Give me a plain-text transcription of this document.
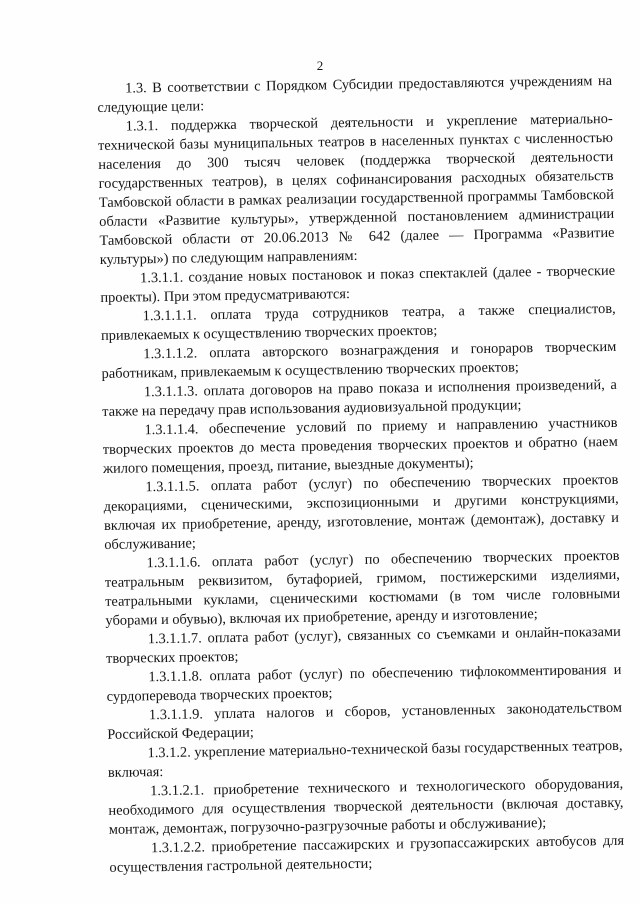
2

1.3. В соответствии с Порядком Субсидии предоставляются учреждениям на следующие цели:

1.3.1. поддержка творческой деятельности и укрепление материально-технической базы муниципальных театров в населенных пунктах с численностью населения до 300 тысяч человек (поддержка творческой деятельности государственных театров), в целях софинансирования расходных обязательств Тамбовской области в рамках реализации государственной программы Тамбовской области «Развитие культуры», утвержденной постановлением администрации Тамбовской области от 20.06.2013 № 642 (далее — Программа «Развитие культуры») по следующим направлениям:

1.3.1.1. создание новых постановок и показ спектаклей (далее - творческие проекты). При этом предусматриваются:

1.3.1.1.1. оплата труда сотрудников театра, а также специалистов, привлекаемых к осуществлению творческих проектов;

1.3.1.1.2. оплата авторского вознаграждения и гонораров творческим работникам, привлекаемым к осуществлению творческих проектов;

1.3.1.1.3. оплата договоров на право показа и исполнения произведений, а также на передачу прав использования аудиовизуальной продукции;

1.3.1.1.4. обеспечение условий по приему и направлению участников творческих проектов до места проведения творческих проектов и обратно (наем жилого помещения, проезд, питание, выездные документы);

1.3.1.1.5. оплата работ (услуг) по обеспечению творческих проектов декорациями, сценическими, экспозиционными и другими конструкциями, включая их приобретение, аренду, изготовление, монтаж (демонтаж), доставку и обслуживание;

1.3.1.1.6. оплата работ (услуг) по обеспечению творческих проектов театральным реквизитом, бутафорией, гримом, постижерскими изделиями, театральными куклами, сценическими костюмами (в том числе головными уборами и обувью), включая их приобретение, аренду и изготовление;

1.3.1.1.7. оплата работ (услуг), связанных со съемками и онлайн-показами творческих проектов;

1.3.1.1.8. оплата работ (услуг) по обеспечению тифлокомментирования и сурдоперевода творческих проектов;

1.3.1.1.9. уплата налогов и сборов, установленных законодательством Российской Федерации;

1.3.1.2. укрепление материально-технической базы государственных театров, включая:

1.3.1.2.1. приобретение технического и технологического оборудования, необходимого для осуществления творческой деятельности (включая доставку, монтаж, демонтаж, погрузочно-разгрузочные работы и обслуживание);

1.3.1.2.2. приобретение пассажирских и грузопассажирских автобусов для осуществления гастрольной деятельности;
